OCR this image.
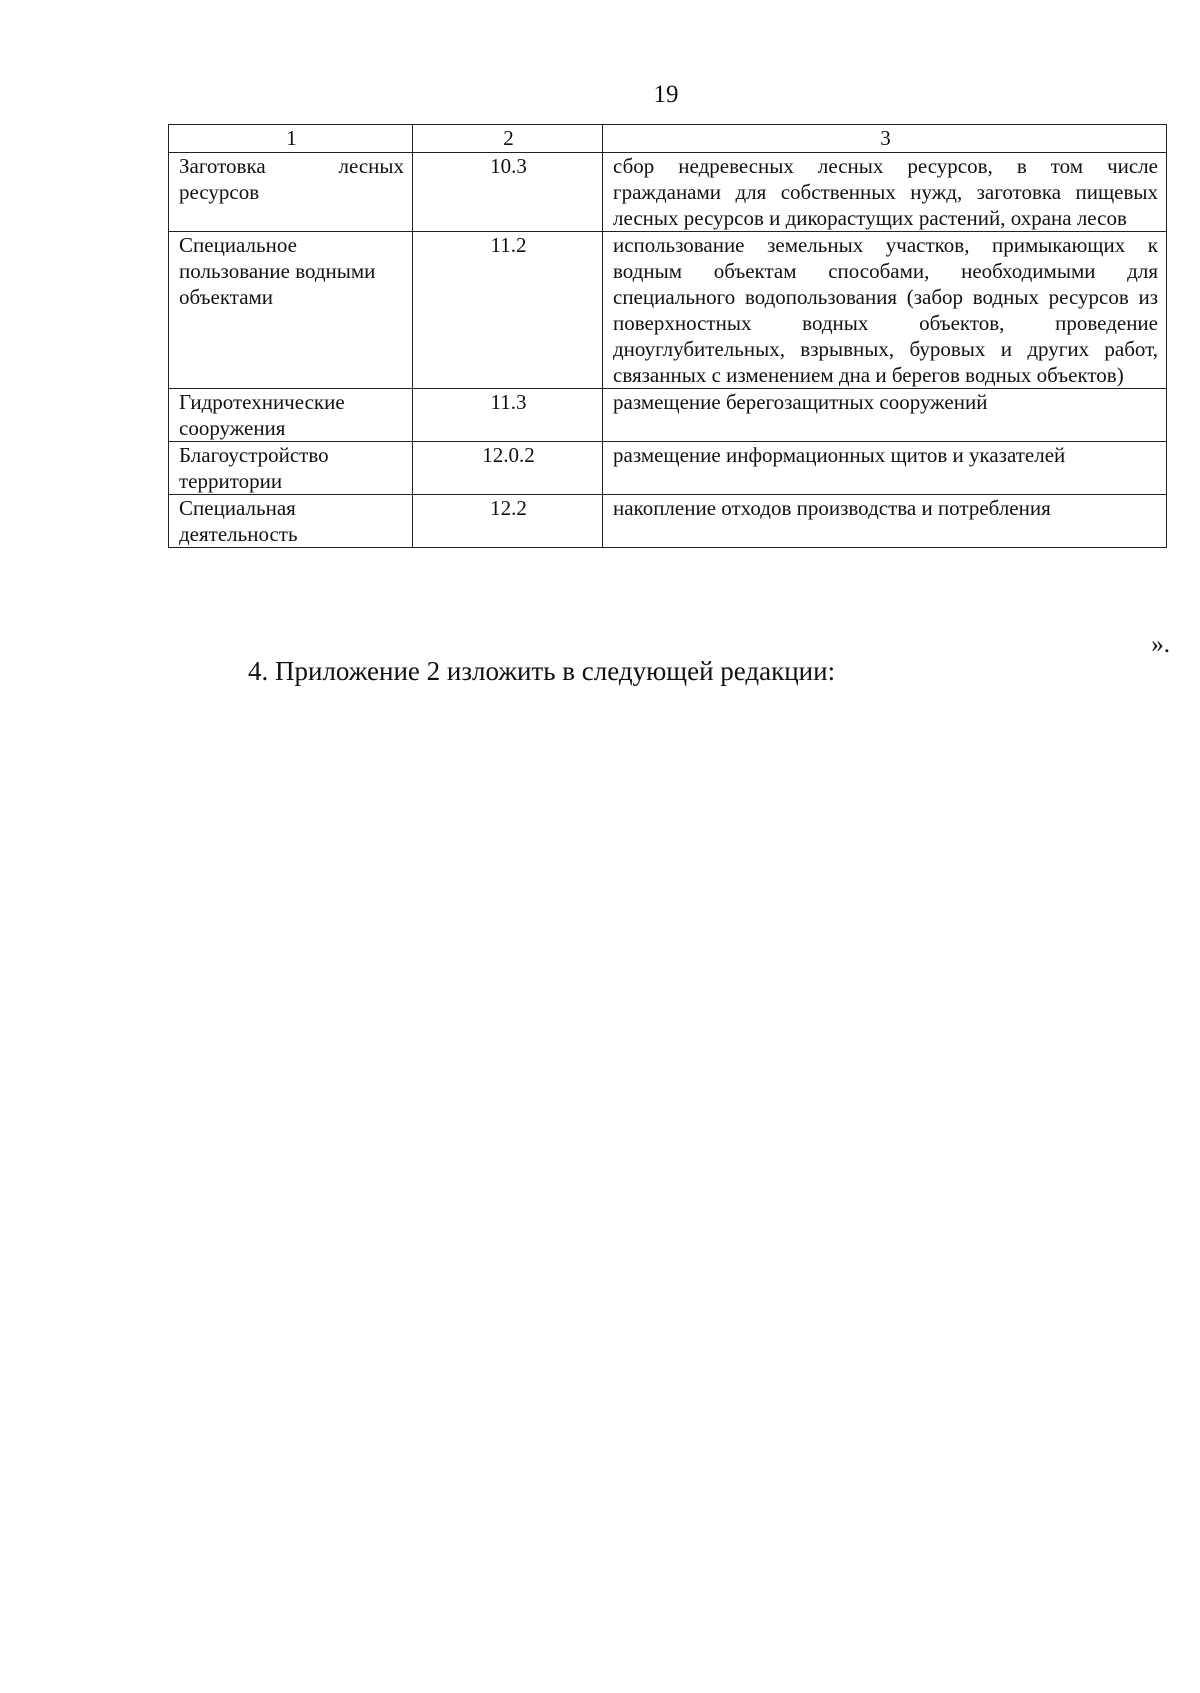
19
1	2	3
Заготовка лесных ресурсов	10.3	сбор недревесных лесных ресурсов, в том числе гражданами для собственных нужд, заготовка пищевых лесных ресурсов и дикорастущих растений, охрана лесов
Специальное пользование водными объектами	11.2	использование земельных участков, примыкающих к водным объектам способами, необходимыми для специального водопользования (забор водных ресурсов из поверхностных водных объектов, проведение дноуглубительных, взрывных, буровых и других работ, связанных с изменением дна и берегов водных объектов)
Гидротехнические сооружения	11.3	размещение берегозащитных сооружений
Благоустройство территории	12.0.2	размещение информационных щитов и указателей
Специальная деятельность	12.2	накопление отходов производства и потребления
».
4. Приложение 2 изложить в следующей редакции:
